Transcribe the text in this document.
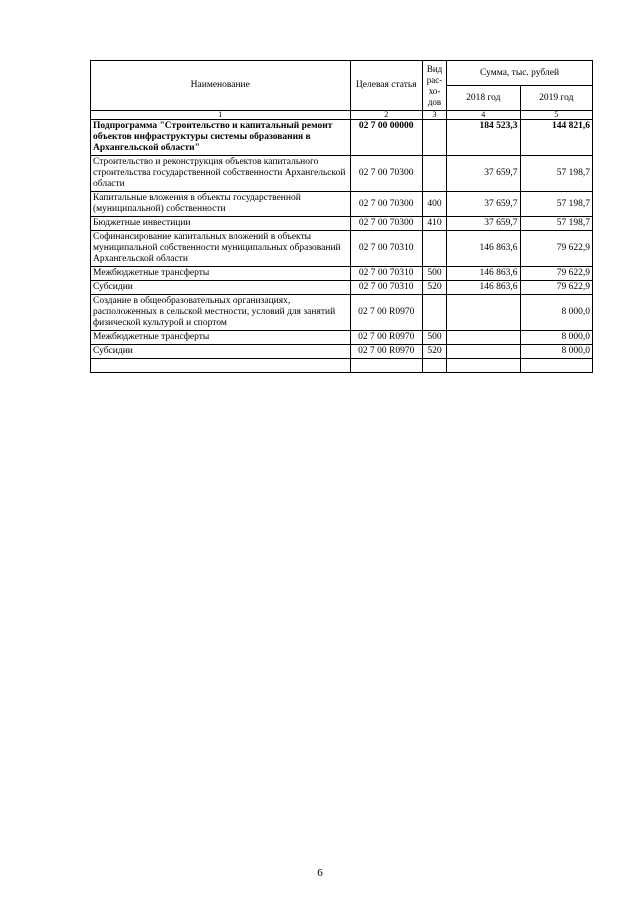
Наименование	Целевая статья	Вид
рас-
хо-
дов	Сумма, тыс. рублей	
			2018 год	2019 год
1	2	3	4	5
Подпрограмма "Строительство и капитальный ремонт объектов инфраструктуры системы образования в Архангельской области"	02 7 00 00000		184 523,3	144 821,6
Строительство и реконструкция объектов капитального строительства государственной собственности Архангельской области	02 7 00 70300		37 659,7	57 198,7
Капитальные вложения в объекты государственной (муниципальной) собственности	02 7 00 70300	400	37 659,7	57 198,7
Бюджетные инвестиции	02 7 00 70300	410	37 659,7	57 198,7
Софинансирование капитальных вложений в объекты муниципальной собственности муниципальных образований Архангельской области	02 7 00 70310		146 863,6	79 622,9
Межбюджетные трансферты	02 7 00 70310	500	146 863,6	79 622,9
Субсидии	02 7 00 70310	520	146 863,6	79 622,9
Создание в общеобразовательных организациях, расположенных в сельской местности, условий для занятий физической культурой и спортом	02 7 00 R0970			8 000,0
Межбюджетные трансферты	02 7 00 R0970	500		8 000,0
Субсидии	02 7 00 R0970	520		8 000,0

6
